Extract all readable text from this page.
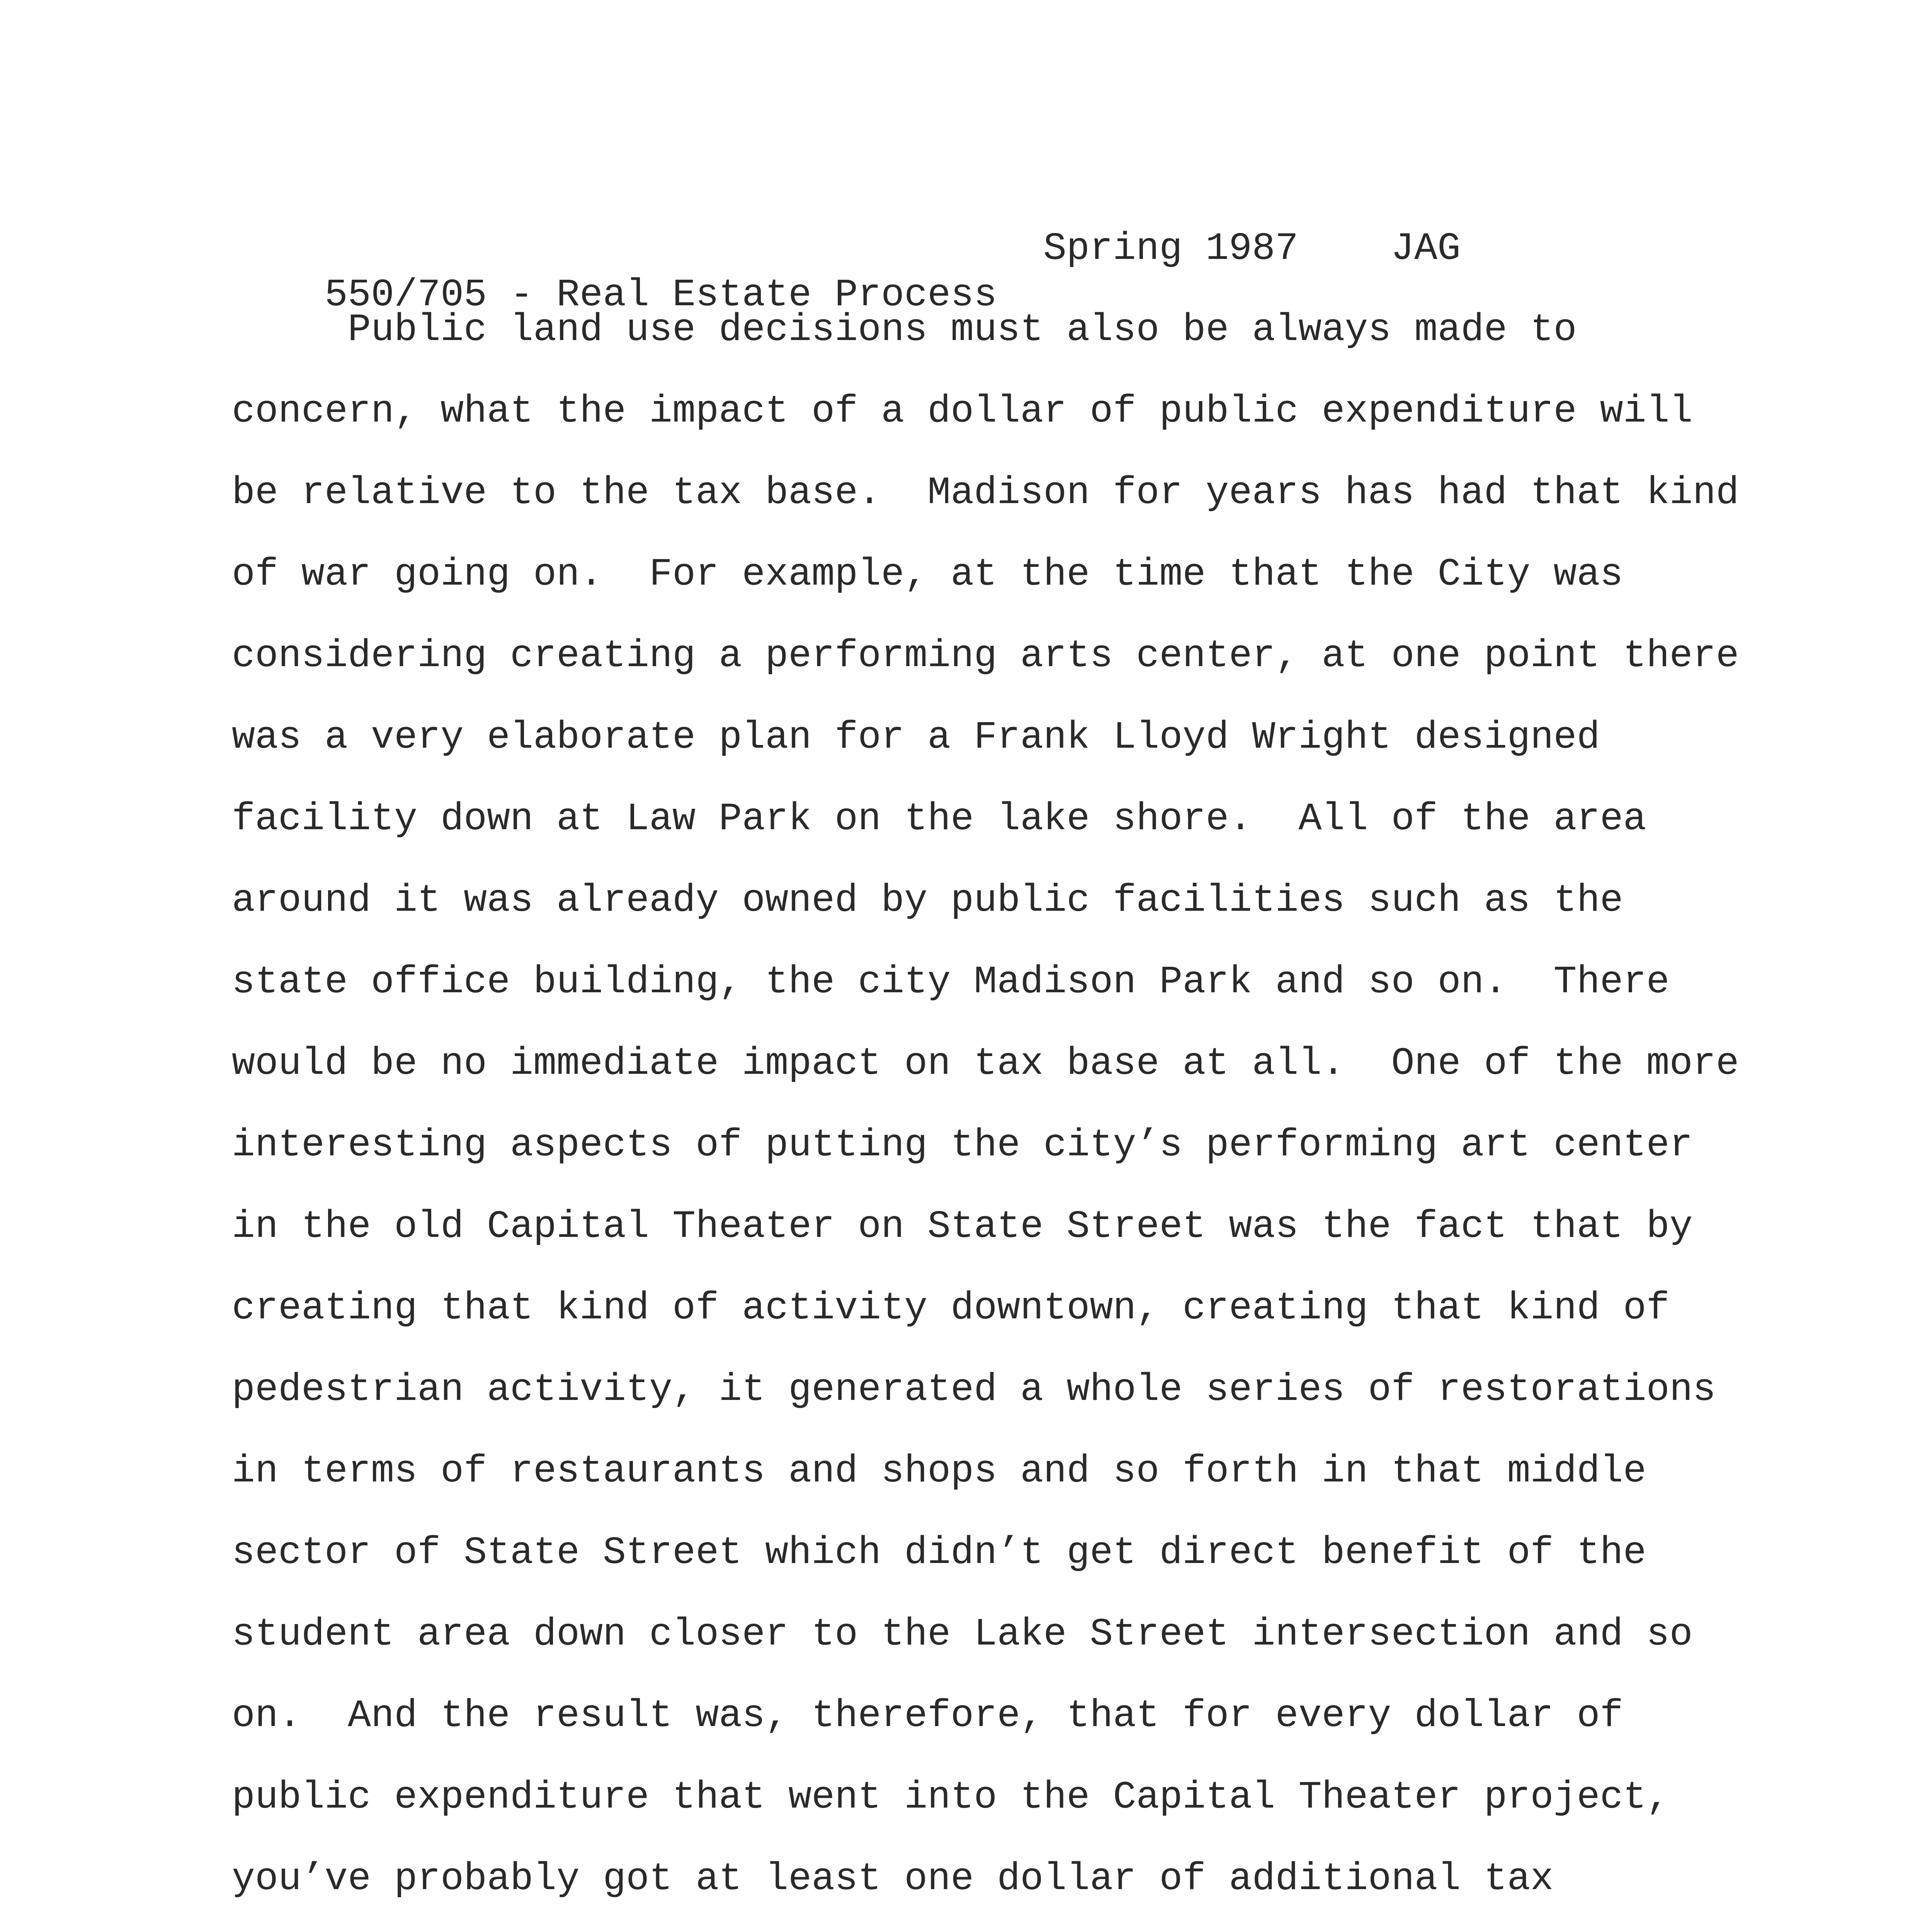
550/705 - Real Estate Process

Spring 1987

JAG

Public land use decisions must also be always made to
concern, what the impact of a dollar of public expenditure will
be relative to the tax base.  Madison for years has had that kind
of war going on.  For example, at the time that the City was
considering creating a performing arts center, at one point there
was a very elaborate plan for a Frank Lloyd Wright designed
facility down at Law Park on the lake shore.  All of the area
around it was already owned by public facilities such as the
state office building, the city Madison Park and so on.  There
would be no immediate impact on tax base at all.  One of the more
interesting aspects of putting the city’s performing art center
in the old Capital Theater on State Street was the fact that by
creating that kind of activity downtown, creating that kind of
pedestrian activity, it generated a whole series of restorations
in terms of restaurants and shops and so forth in that middle
sector of State Street which didn’t get direct benefit of the
student area down closer to the Lake Street intersection and so
on.  And the result was, therefore, that for every dollar of
public expenditure that went into the Capital Theater project,
you’ve probably got at least one dollar of additional tax
